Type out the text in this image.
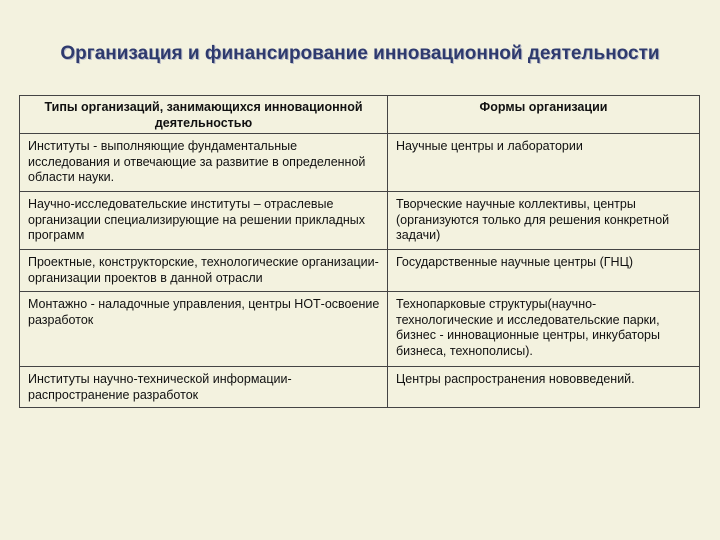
Организация и финансирование инновационной деятельности
Типы организаций, занимающихся инновационной деятельностью	Формы организации
Институты - выполняющие фундаментальные исследования и отвечающие за развитие в определенной области науки.	Научные центры и лаборатории
Научно-исследовательские институты – отраслевые организации специализирующие на решении прикладных программ	Творческие научные коллективы, центры (организуются только для решения конкретной задачи)
Проектные, конструкторские, технологические организации- организации проектов в данной отрасли	Государственные научные центры (ГНЦ)
Монтажно - наладочные управления, центры НОТ-освоение разработок	Технопарковые структуры(научно-технологические и исследовательские парки, бизнес - инновационные центры, инкубаторы бизнеса, технополисы).
Институты научно-технической информации-распространение разработок	Центры распространения нововведений.
